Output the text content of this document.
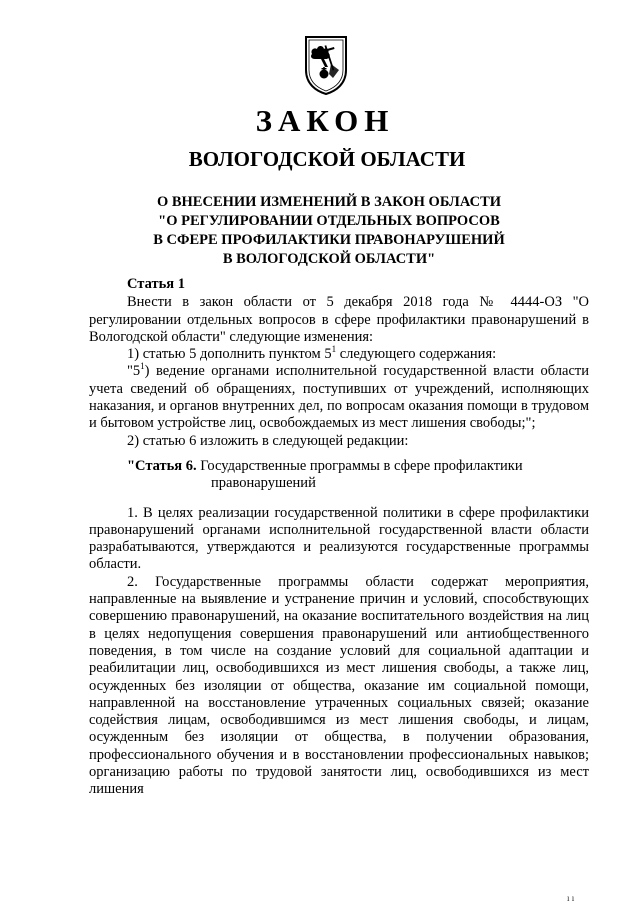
ЗАКОН
ВОЛОГОДСКОЙ ОБЛАСТИ
О ВНЕСЕНИИ ИЗМЕНЕНИЙ В ЗАКОН ОБЛАСТИ
"О РЕГУЛИРОВАНИИ ОТДЕЛЬНЫХ ВОПРОСОВ
В СФЕРЕ ПРОФИЛАКТИКИ ПРАВОНАРУШЕНИЙ
В ВОЛОГОДСКОЙ ОБЛАСТИ"
Статья 1
Внести в закон области от 5 декабря 2018 года № 4444-ОЗ "О регулировании отдельных вопросов в сфере профилактики правонарушений в Вологодской области" следующие изменения:
1) статью 5 дополнить пунктом $5^1$ следующего содержания:
"$5^1$) ведение органами исполнительной государственной власти области учета сведений об обращениях, поступивших от учреждений, исполняющих наказания, и органов внутренних дел, по вопросам оказания помощи в трудовом и бытовом устройстве лиц, освобождаемых из мест лишения свободы;";
2) статью 6 изложить в следующей редакции:
"Статья 6. Государственные программы в сфере профилактики
правонарушений
1. В целях реализации государственной политики в сфере профилактики правонарушений органами исполнительной государственной власти области разрабатываются, утверждаются и реализуются государственные программы области.
2. Государственные программы области содержат мероприятия, направленные на выявление и устранение причин и условий, способствующих совершению правонарушений, на оказание воспитательного воздействия на лиц в целях недопущения совершения правонарушений или антиобщественного поведения, в том числе на создание условий для социальной адаптации и реабилитации лиц, освободившихся из мест лишения свободы, а также лиц, осужденных без изоляции от общества, оказание им социальной помощи, направленной на восстановление утраченных социальных связей; оказание содействия лицам, освободившимся из мест лишения свободы, и лицам, осужденным без изоляции от общества, в получении образования, профессионального обучения и в восстановлении профессиональных навыков; организацию работы по трудовой занятости лиц, освободившихся из мест лишения
ı ı
